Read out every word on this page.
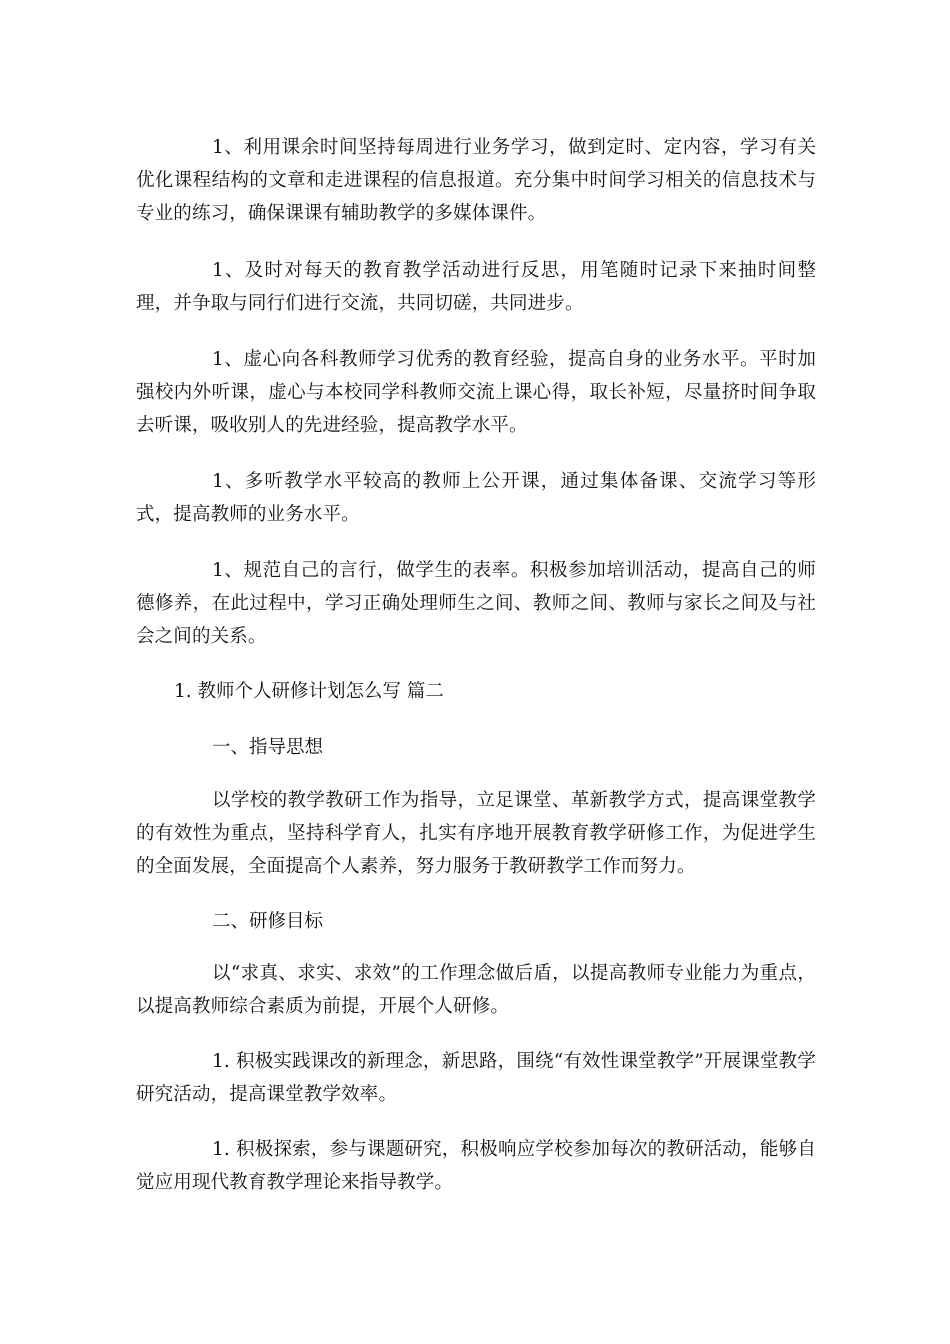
1、利用课余时间坚持每周进行业务学习，做到定时、定内容，学习有关优化课程结构的文章和走进课程的信息报道。充分集中时间学习相关的信息技术与专业的练习，确保课课有辅助教学的多媒体课件。

1、及时对每天的教育教学活动进行反思，用笔随时记录下来抽时间整理，并争取与同行们进行交流，共同切磋，共同进步。

1、虚心向各科教师学习优秀的教育经验，提高自身的业务水平。平时加强校内外听课，虚心与本校同学科教师交流上课心得，取长补短，尽量挤时间争取去听课，吸收别人的先进经验，提高教学水平。

1、多听教学水平较高的教师上公开课，通过集体备课、交流学习等形式，提高教师的业务水平。

1、规范自己的言行，做学生的表率。积极参加培训活动，提高自己的师德修养，在此过程中，学习正确处理师生之间、教师之间、教师与家长之间及与社会之间的关系。

1. 教师个人研修计划怎么写 篇二
一、指导思想

以学校的教学教研工作为指导，立足课堂、革新教学方式，提高课堂教学的有效性为重点，坚持科学育人，扎实有序地开展教育教学研修工作，为促进学生的全面发展，全面提高个人素养，努力服务于教研教学工作而努力。

二、研修目标

以“求真、求实、求效”的工作理念做后盾，以提高教师专业能力为重点，以提高教师综合素质为前提，开展个人研修。

1. 积极实践课改的新理念，新思路，围绕“有效性课堂教学”开展课堂教学研究活动，提高课堂教学效率。

1. 积极探索，参与课题研究，积极响应学校参加每次的教研活动，能够自觉应用现代教育教学理论来指导教学。
